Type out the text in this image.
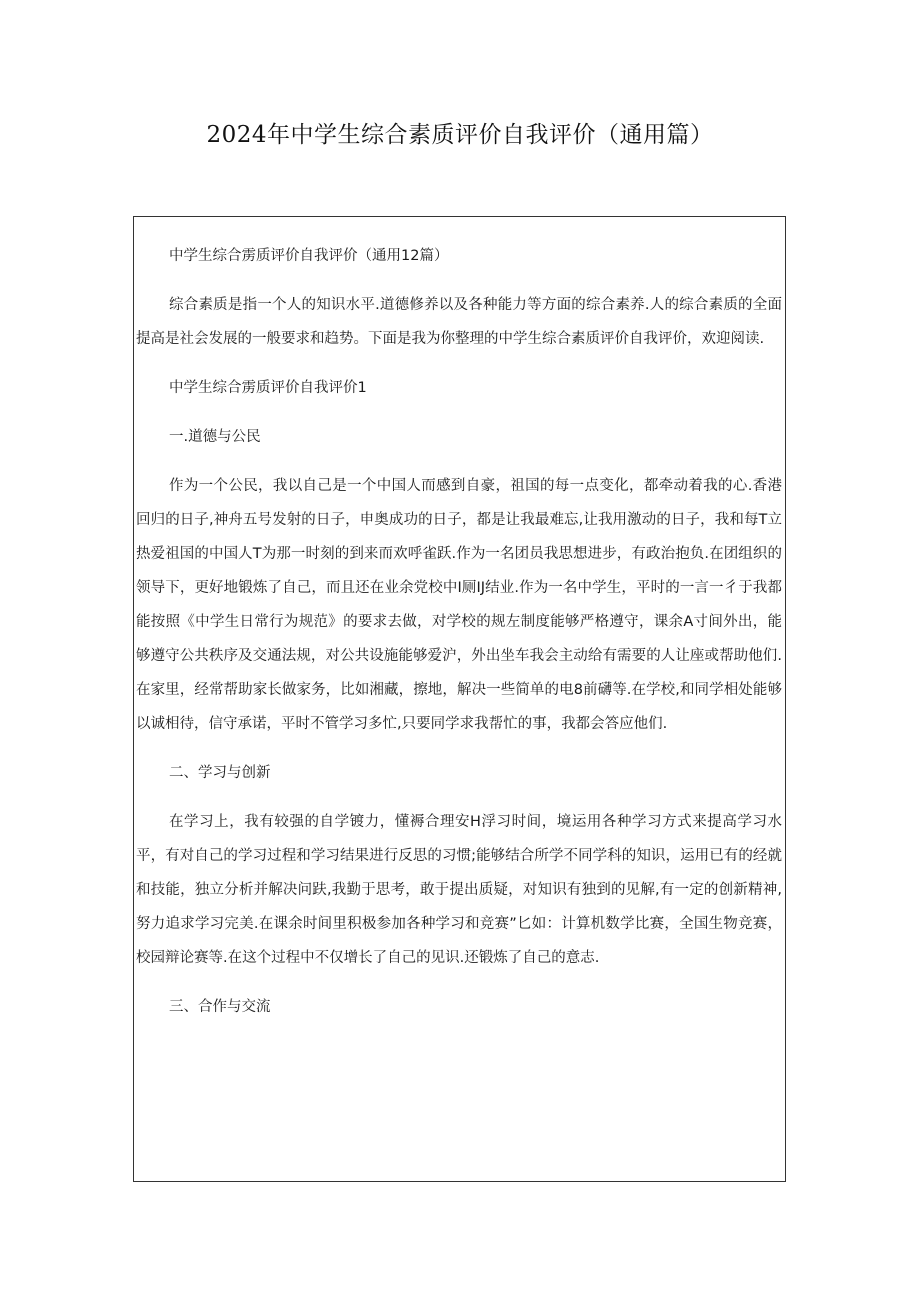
2024年中学生综合素质评价自我评价（通用篇）

中学生综合雳质评价自我评价（通用12篇）

综合素质是指一个人的知识水平.道德修养以及各种能力等方面的综合素养.人的综合素质的全面提高是社会发展的一般要求和趋势。下面是我为你整理的中学生综合素质评价自我评价，欢迎阅读.

中学生综合雳质评价自我评价1

一.道德与公民

作为一个公民，我以自己是一个中国人而感到自豪，祖国的每一点变化，都牵动着我的心.香港回归的日子,神舟五号发射的日子，申奥成功的日子，都是让我最难忘,让我用激动的日子，我和每T立热爱祖国的中国人T为那一时刻的到来而欢呼雀跃.作为一名团员我思想进步，有政治抱负.在团组织的领导下，更好地锻炼了自己，而且还在业余党校中I厕IJ结业.作为一名中学生，平时的一言一彳于我都能按照《中学生日常行为规范》的要求去做，对学校的规左制度能够严格遵守，课余A寸间外出，能够遵守公共秩序及交通法规，对公共设施能够爱沪，外出坐车我会主动给有需要的人让座或帮助他们.在家里，经常帮助家长做家务，比如湘藏，擦地，解决一些简单的电8前礴等.在学校,和同学相处能够以诚相待，信守承诺，平时不管学习多忙,只要同学求我帮忙的事，我都会答应他们.

二、学习与创新

在学习上，我有较强的自学镀力，懂褥合理安H浮习时间，境运用各种学习方式来提高学习水平，有对自己的学习过程和学习结果进行反思的习惯;能够结合所学不同学科的知识，运用已有的经就和技能，独立分析并解决问趺,我勤于思考，敢于提出质疑，对知识有独到的见解,有一定的创新精神,努力追求学习完美.在课余时间里积极参加各种学习和竞赛”匕如：计算机数学比赛，全国生物竞赛，校园辩论赛等.在这个过程中不仅增长了自己的见识.还锻炼了自己的意志.

三、合作与交流
